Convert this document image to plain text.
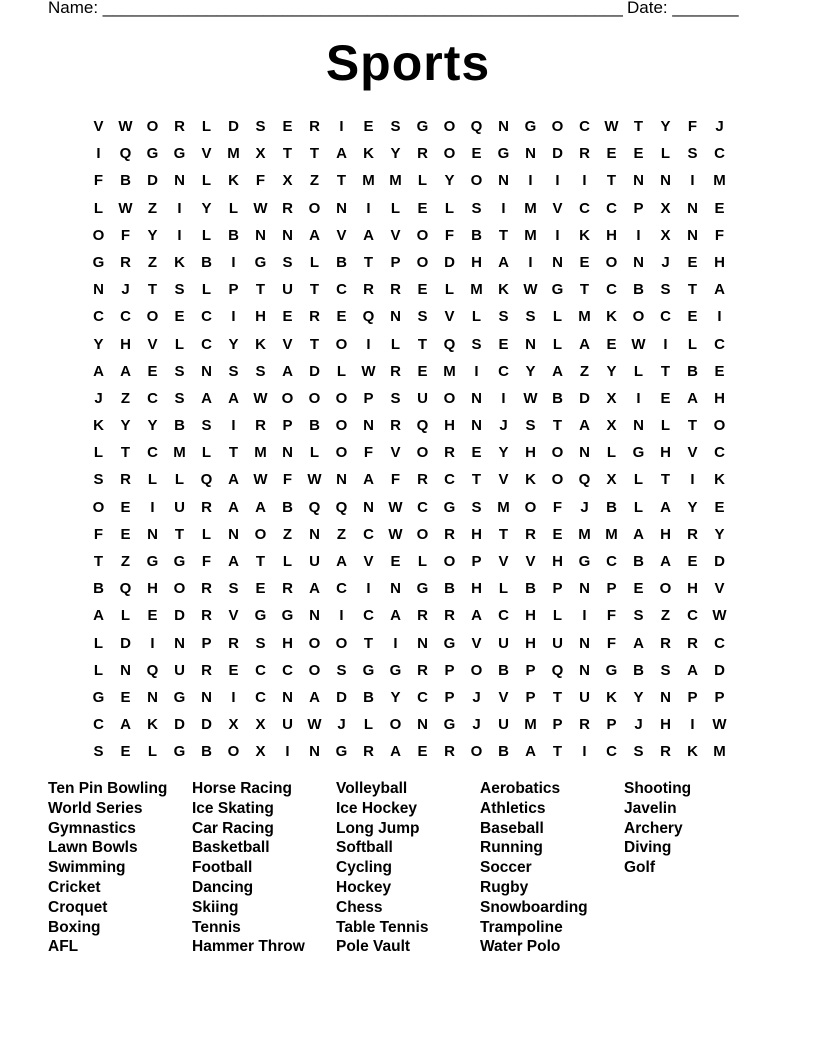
Name: _______________________________________________________ Date: _______
Sports
V W O	R	L	D	S	E	R	I	E	S	G	O	Q	N	G	O	C W	T	Y	F	J
I	Q	G	G	V	M	X	T	T	A	K	Y	R	O	E	G	N	D	R	E	E	L	S	C
F	B	D	N	L	K	F	X	Z	T	M M	L	Y	O	N	I	I	I	T	N	N	I	M
L	W	Z	I	Y	L	W R	O	N	I	L	E	L	S	I	M	V	C	C	P	X	N	E
O	F	Y	I	L	B	N	N	A	V	A	V	O	F	B	T	M	I	K	H	I	X	N	F
G	R	Z	K	B	I	G	S	L	B	T	P	O	D	H	A	I	N	E	O	N	J	E	H
N	J	T	S	L	P	T	U	T	C	R	R	E	L	M	K W G	T	C	B	S	T	A
C	C	O	E	C	I	H	E	R	E	Q	N	S	V	L	S	S	L	M	K	O	C	E	I
Y	H	V	L	C	Y	K	V	T	O	I	L	T	Q	S	E	N	L	A	E W	I	L	C
A	A	E	S	N	S	S	A	D	L	W R	E	M	I	C	Y	A	Z	Y	L	T	B	E
J	Z	C	S	A	A W O	O	O	P	S	U	O	N	I	W B	D	X	I	E	A	H
K	Y	Y	B	S	I	R	P	B	O	N	R	Q	H	N	J	S	T	A	X	N	L	T	O
L	T	C	M	L	T	M	N	L	O	F	V	O	R	E	Y	H	O	N	L	G	H	V	C
S	R	L	L	Q	A W	F	W N	A	F	R	C	T	V	K	O	Q	X	L	T	I	K
O	E	I	U	R	A	A	B	Q	Q	N W C	G	S	M O	F	J	B	L	A	Y	E
F	E	N	T	L	N	O	Z	N	Z	C W O	R	H	T	R	E	M M	A	H	R	Y
T	Z	G	G	F	A	T	L	U	A	V	E	L	O	P	V	V	H	G	C	B	A	E	D
B	Q	H	O	R	S	E	R	A	C	I	N	G	B	H	L	B	P	N	P	E	O	H	V
A	L	E	D	R	V	G	G	N	I	C	A	R	R	A	C	H	L	I	F	S	Z	C W
L	D	I	N	P	R	S	H	O	O	T	I	N	G	V	U	H	U	N	F	A	R	R	C
L	N	Q	U	R	E	C	C	O	S	G	G	R	P	O	B	P	Q	N	G	B	S	A	D
G	E	N	G	N	I	C	N	A	D	B	Y	C	P	J	V	P	T	U	K	Y	N	P	P
C	A	K	D	D	X	X	U W	J	L	O	N	G	J	U	M	P	R	P	J	H	I	W
S	E	L	G	B	O	X	I	N	G	R	A	E	R	O	B	A	T	I	C	S	R	K	M
Ten Pin Bowling
World Series
Gymnastics
Lawn Bowls
Swimming
Cricket
Croquet
Boxing
AFL
Horse Racing
Ice Skating
Car Racing
Basketball
Football
Dancing
Skiing
Tennis
Hammer Throw
Volleyball
Ice Hockey
Long Jump
Softball
Cycling
Hockey
Chess
Table Tennis
Pole Vault
Aerobatics
Athletics
Baseball
Running
Soccer
Rugby
Snowboarding
Trampoline
Water Polo
Shooting
Javelin
Archery
Diving
Golf
